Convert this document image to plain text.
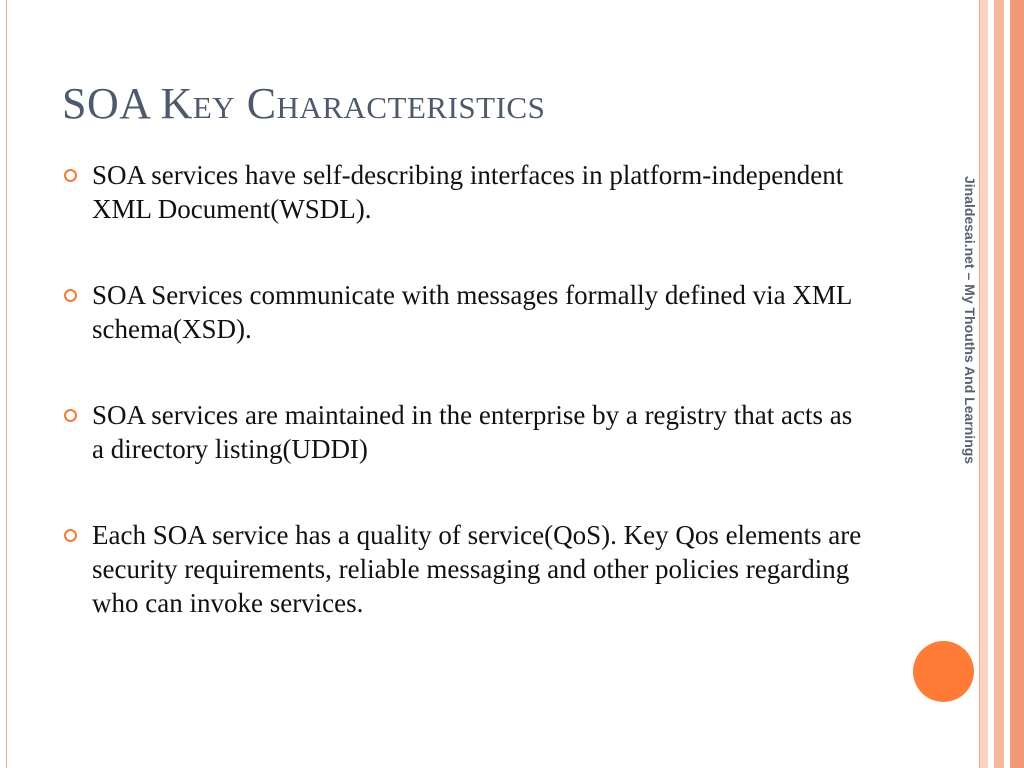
SOA Key Characteristics
SOA services have self-describing interfaces in platform-independent XML Document(WSDL).
SOA Services communicate with messages formally defined via XML schema(XSD).
SOA services are maintained in the enterprise by a registry that acts as a directory listing(UDDI)
Each SOA service has a quality of service(QoS). Key Qos elements are security requirements, reliable messaging and other policies regarding who can invoke services.
Jinaldesai.net – My Thouths And Learnings
